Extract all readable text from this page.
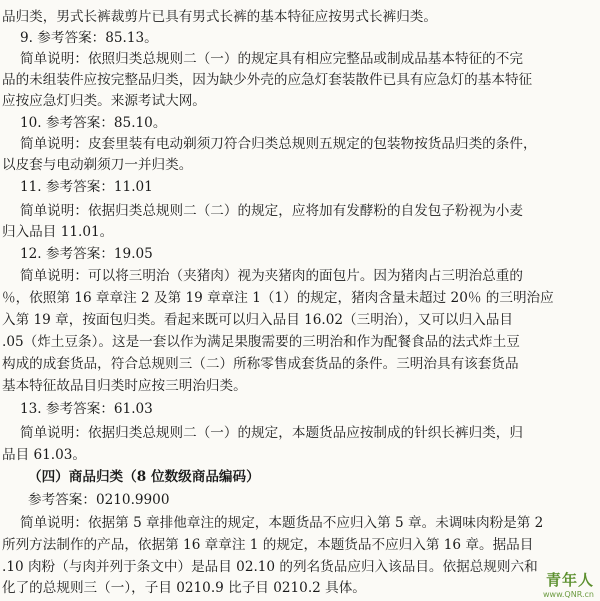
品归类，男式长裤裁剪片已具有男式长裤的基本特征应按男式长裤归类。
9. 参考答案：85.13。
简单说明：依照归类总规则二（一）的规定具有相应完整品或制成品基本特征的不完
品的未组装件应按完整品归类，因为缺少外壳的应急灯套装散件已具有应急灯的基本特征
应按应急灯归类。来源考试大网。
10. 参考答案：85.10。
简单说明：皮套里装有电动剃须刀符合归类总规则五规定的包装物按货品归类的条件，
以皮套与电动剃须刀一并归类。
11. 参考答案：11.01
简单说明：依据归类总规则二（二）的规定，应将加有发酵粉的自发包子粉视为小麦
归入品目 11.01。
12. 参考答案：19.05
简单说明：可以将三明治（夹猪肉）视为夹猪肉的面包片。因为猪肉占三明治总重的
％，依照第 16 章章注 2 及第 19 章章注 1（1）的规定，猪肉含量未超过 20％ 的三明治应
入第 19 章，按面包归类。看起来既可以归入品目 16.02（三明治），又可以归入品目
.05（炸土豆条）。这是一套以作为满足果腹需要的三明治和作为配餐食品的法式炸土豆
构成的成套货品，符合总规则三（二）所称零售成套货品的条件。三明治具有该套货品
基本特征故品目归类时应按三明治归类。
13. 参考答案：61.03
简单说明：依据归类总规则二（一）的规定，本题货品应按制成的针织长裤归类，归
品目 61.03。
（四）商品归类（8 位数级商品编码）
参考答案：0210.9900
简单说明：依据第 5 章排他章注的规定，本题货品不应归入第 5 章。未调味肉粉是第 2
所列方法制作的产品，依据第 16 章章注 1 的规定，本题货品不应归入第 16 章。据品目
.10 肉粉（与肉并列于条文中）是品目 02.10 的列名货品应归入该品目。依据总规则六和
化了的总规则三（一），子目 0210.9 比子目 0210.2 具体。	青年人
www.QNR.cn
